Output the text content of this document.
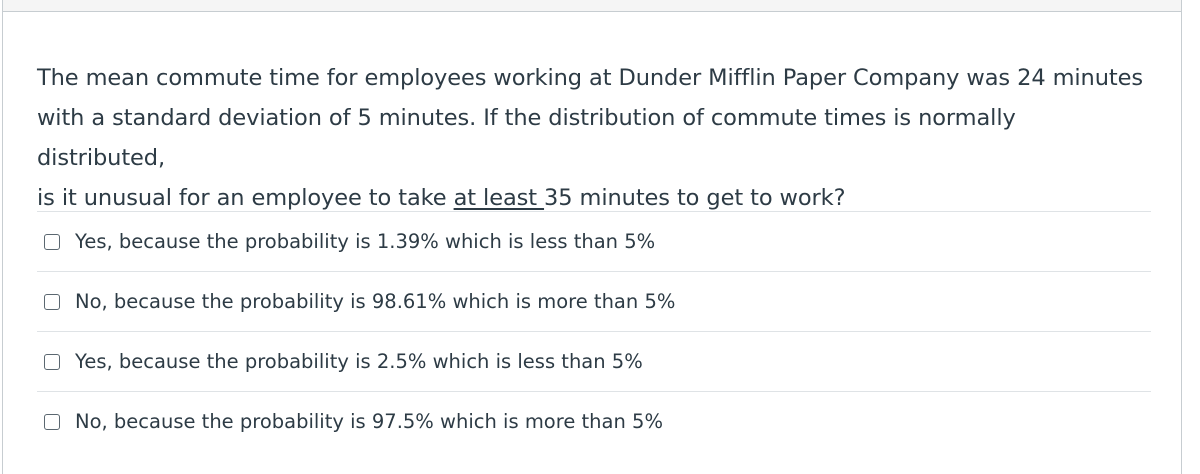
The mean commute time for employees working at Dunder Mifflin Paper Company was 24 minutes
with a standard deviation of 5 minutes. If the distribution of commute times is normally distributed,
is it unusual for an employee to take at least 35 minutes to get to work?

Yes, because the probability is 1.39% which is less than 5%
No, because the probability is 98.61% which is more than 5%
Yes, because the probability is 2.5% which is less than 5%
No, because the probability is 97.5% which is more than 5%
